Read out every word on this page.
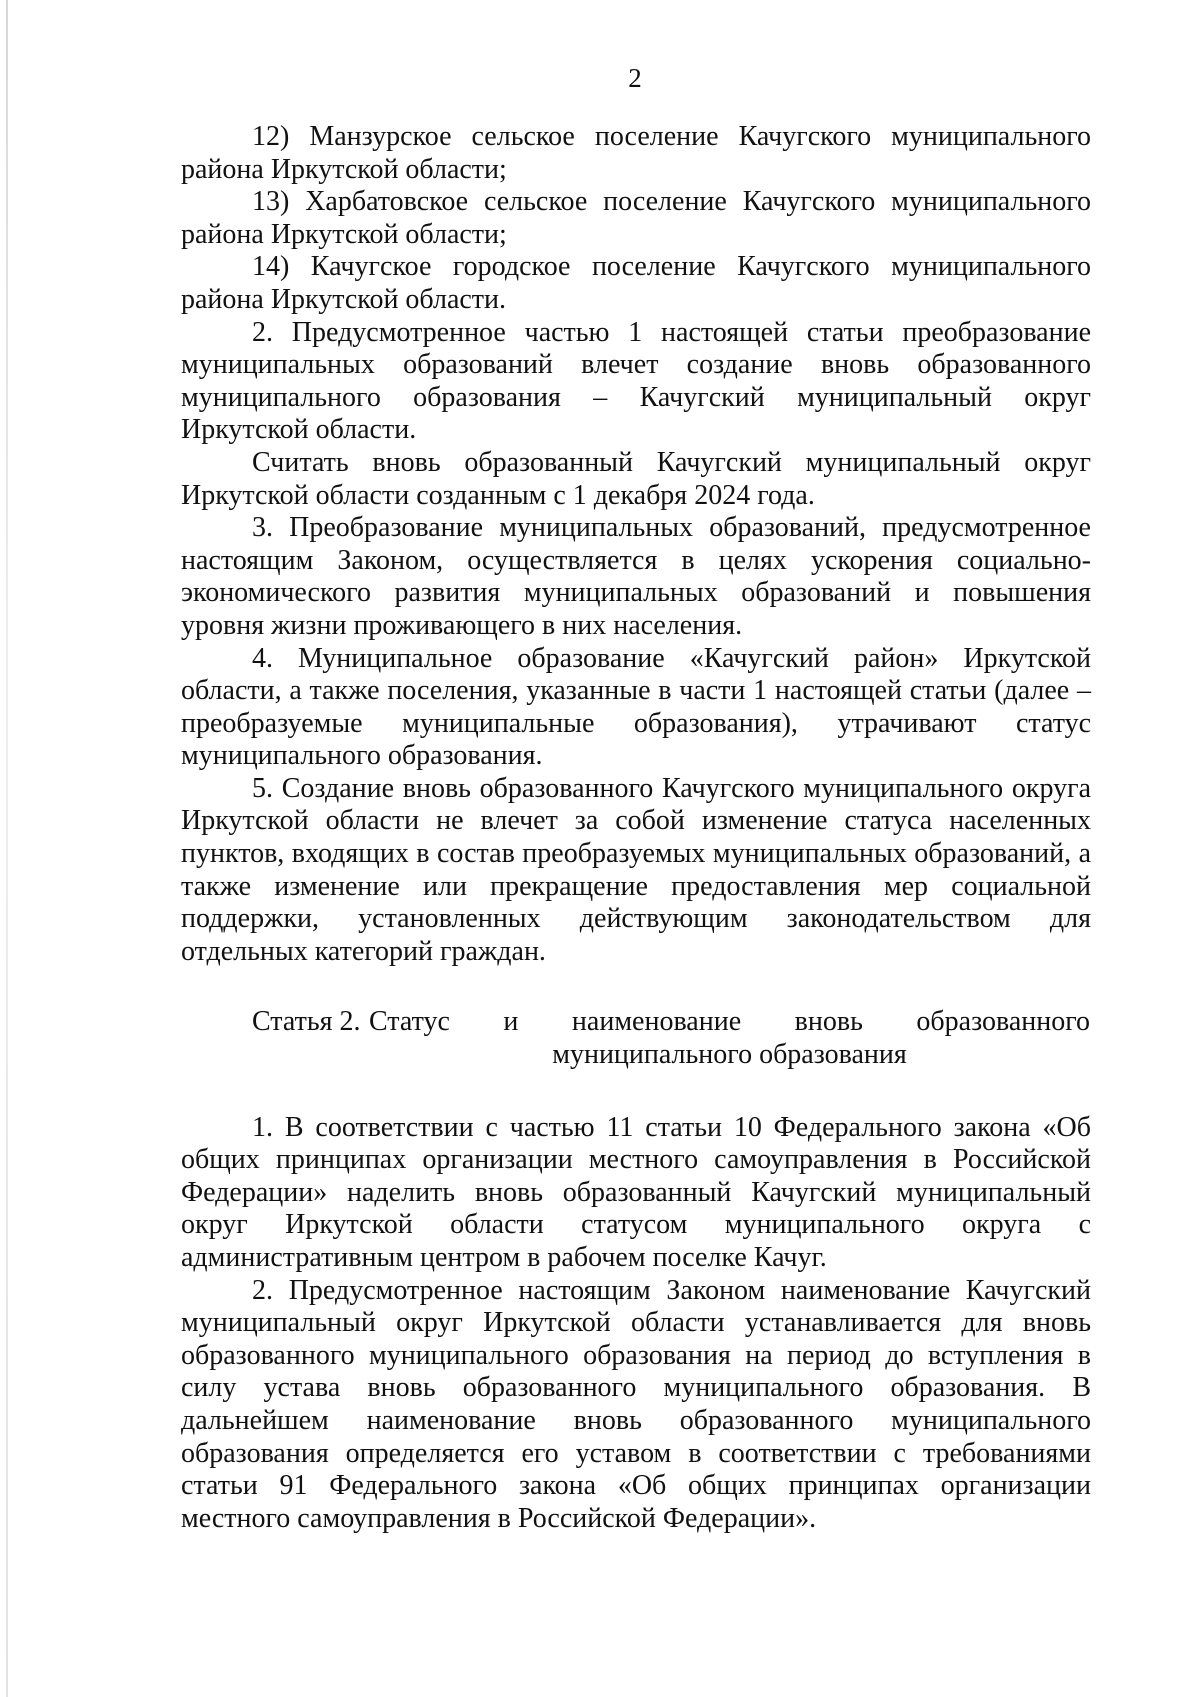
2

12) Манзурское сельское поселение Качугского муниципального района Иркутской области;

13) Харбатовское сельское поселение Качугского муниципального района Иркутской области;

14) Качугское городское поселение Качугского муниципального района Иркутской области.

2. Предусмотренное частью 1 настоящей статьи преобразование муниципальных образований влечет создание вновь образованного муниципального образования – Качугский муниципальный округ Иркутской области.

Считать вновь образованный Качугский муниципальный округ Иркутской области созданным с 1 декабря 2024 года.

3. Преобразование муниципальных образований, предусмотренное настоящим Законом, осуществляется в целях ускорения социально-экономического развития муниципальных образований и повышения уровня жизни проживающего в них населения.

4. Муниципальное образование «Качугский район» Иркутской области, а также поселения, указанные в части 1 настоящей статьи (далее – преобразуемые муниципальные образования), утрачивают статус муниципального образования.

5. Создание вновь образованного Качугского муниципального округа Иркутской области не влечет за собой изменение статуса населенных пунктов, входящих в состав преобразуемых муниципальных образований, а также изменение или прекращение предоставления мер социальной поддержки, установленных действующим законодательством для отдельных категорий граждан.

Статья 2. Статус и наименование вновь образованного муниципального образования

1. В соответствии с частью 11 статьи 10 Федерального закона «Об общих принципах организации местного самоуправления в Российской Федерации» наделить вновь образованный Качугский муниципальный округ Иркутской области статусом муниципального округа с административным центром в рабочем поселке Качуг.

2. Предусмотренное настоящим Законом наименование Качугский муниципальный округ Иркутской области устанавливается для вновь образованного муниципального образования на период до вступления в силу устава вновь образованного муниципального образования. В дальнейшем наименование вновь образованного муниципального образования определяется его уставом в соответствии с требованиями статьи 91 Федерального закона «Об общих принципах организации местного самоуправления в Российской Федерации».
